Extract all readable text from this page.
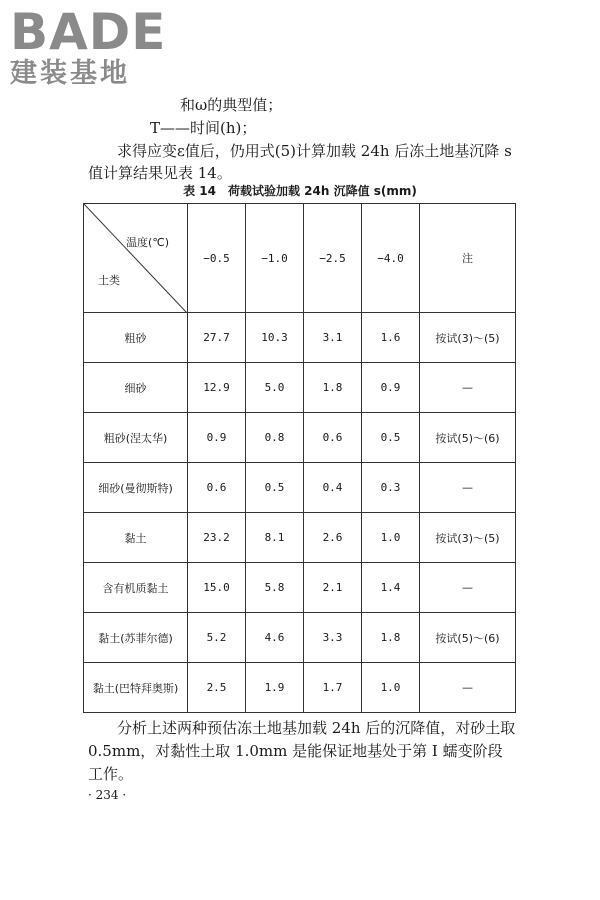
BADE
建装基地
和ω的典型值；
T——时间(h)；
求得应变ε值后，仍用式(5)计算加载 24h 后冻土地基沉降 s
值计算结果见表 14。
表 14　荷载试验加载 24h 沉降值 s(mm)
温度(℃)
土类	−0.5	−1.0	−2.5	−4.0	注
粗砂	27.7	10.3	3.1	1.6	按试(3)～(5)
细砂	12.9	5.0	1.8	0.9	—
粗砂(涅太华)	0.9	0.8	0.6	0.5	按试(5)～(6)
细砂(曼彻斯特)	0.6	0.5	0.4	0.3	—
黏土	23.2	8.1	2.6	1.0	按试(3)～(5)
含有机质黏土	15.0	5.8	2.1	1.4	—
黏土(苏菲尔德)	5.2	4.6	3.3	1.8	按试(5)～(6)
黏土(巴特拜奥斯)	2.5	1.9	1.7	1.0	—
分析上述两种预估冻土地基加载 24h 后的沉降值，对砂土取
0.5mm，对黏性土取 1.0mm 是能保证地基处于第 Ⅰ 蠕变阶段
工作。
· 234 ·
